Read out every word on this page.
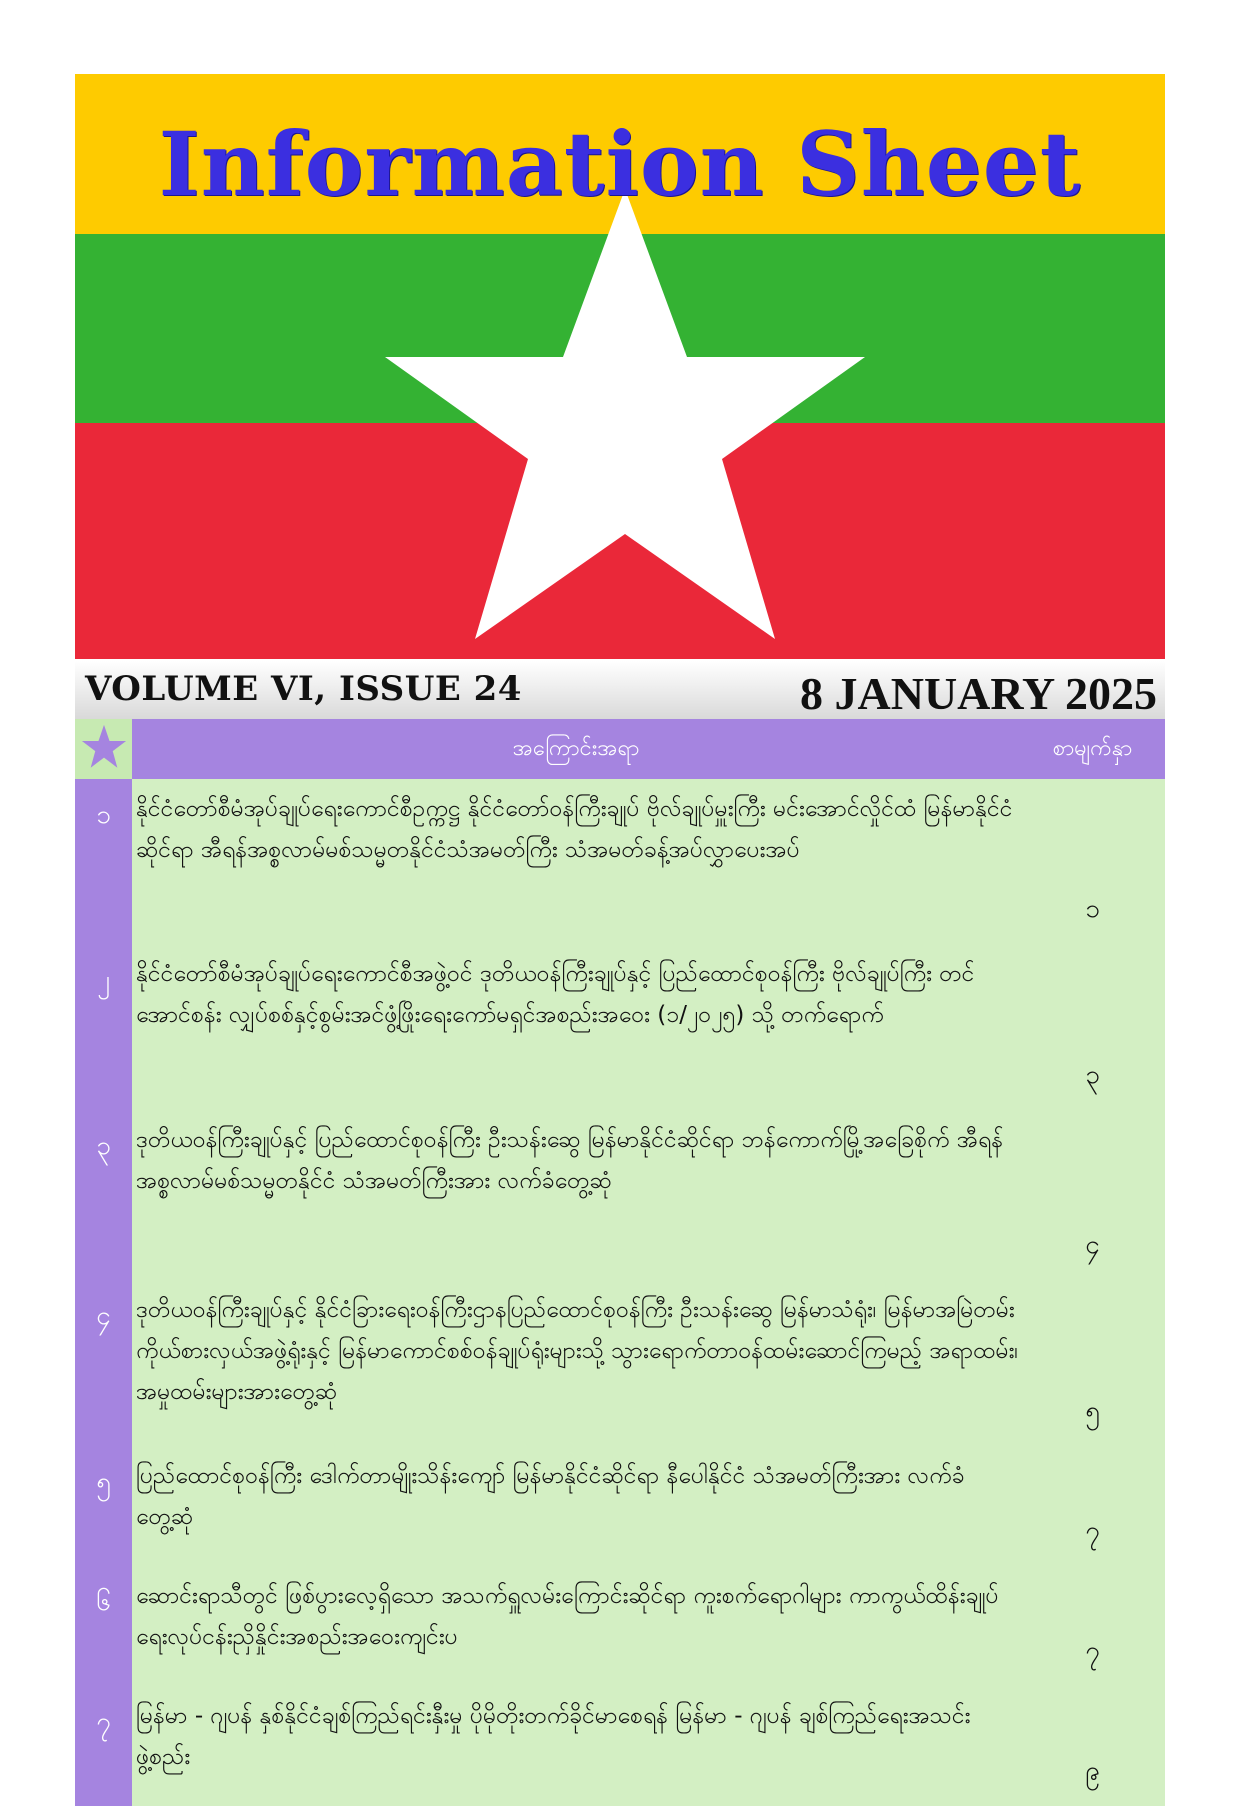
Information Sheet
VOLUME VI, ISSUE 24	8 JANUARY 2025
	အကြောင်းအရာ	စာမျက်နှာ
၁	နိုင်ငံတော်စီမံအုပ်ချုပ်ရေးကောင်စီဥက္ကဋ္ဌ နိုင်ငံတော်ဝန်ကြီးချုပ် ဗိုလ်ချုပ်မှူးကြီး မင်းအောင်လှိုင်ထံ မြန်မာနိုင်ငံဆိုင်ရာ အီရန်အစ္စလာမ်မစ်သမ္မတနိုင်ငံသံအမတ်ကြီး သံအမတ်ခန့်အပ်လွှာပေးအပ်	၁
၂	နိုင်ငံတော်စီမံအုပ်ချုပ်ရေးကောင်စီအဖွဲ့ဝင် ဒုတိယဝန်ကြီးချုပ်နှင့် ပြည်ထောင်စုဝန်ကြီး ဗိုလ်ချုပ်ကြီး တင်အောင်စန်း လျှပ်စစ်နှင့်စွမ်းအင်ဖွံ့ဖြိုးရေးကော်မရှင်အစည်းအဝေး (၁/၂၀၂၅) သို့ တက်ရောက်	၃
၃	ဒုတိယဝန်ကြီးချုပ်နှင့် ပြည်ထောင်စုဝန်ကြီး ဦးသန်းဆွေ မြန်မာနိုင်ငံဆိုင်ရာ ဘန်ကောက်မြို့အခြေစိုက် အီရန်အစ္စလာမ်မစ်သမ္မတနိုင်ငံ သံအမတ်ကြီးအား လက်ခံတွေ့ဆုံ	၄
၄	ဒုတိယဝန်ကြီးချုပ်နှင့် နိုင်ငံခြားရေးဝန်ကြီးဌာနပြည်ထောင်စုဝန်ကြီး ဦးသန်းဆွေ မြန်မာသံရုံး၊ မြန်မာအမြဲတမ်းကိုယ်စားလှယ်အဖွဲ့ရုံးနှင့် မြန်မာကောင်စစ်ဝန်ချုပ်ရုံးများသို့ သွားရောက်တာဝန်ထမ်းဆောင်ကြမည့် အရာထမ်း၊ အမှုထမ်းများအားတွေ့ဆုံ	၅
၅	ပြည်ထောင်စုဝန်ကြီး ဒေါက်တာမျိုးသိန်းကျော် မြန်မာနိုင်ငံဆိုင်ရာ နီပေါနိုင်ငံ သံအမတ်ကြီးအား လက်ခံတွေ့ဆုံ	၇
၆	ဆောင်းရာသီတွင် ဖြစ်ပွားလေ့ရှိသော အသက်ရှူလမ်းကြောင်းဆိုင်ရာ ကူးစက်ရောဂါများ ကာကွယ်ထိန်းချုပ်ရေးလုပ်ငန်းညှိနှိုင်းအစည်းအဝေးကျင်းပ	၇
၇	မြန်မာ - ဂျပန် နှစ်နိုင်ငံချစ်ကြည်ရင်းနှီးမှု ပိုမိုတိုးတက်ခိုင်မာစေရန် မြန်မာ - ဂျပန် ချစ်ကြည်ရေးအသင်း ဖွဲ့စည်း	၉
